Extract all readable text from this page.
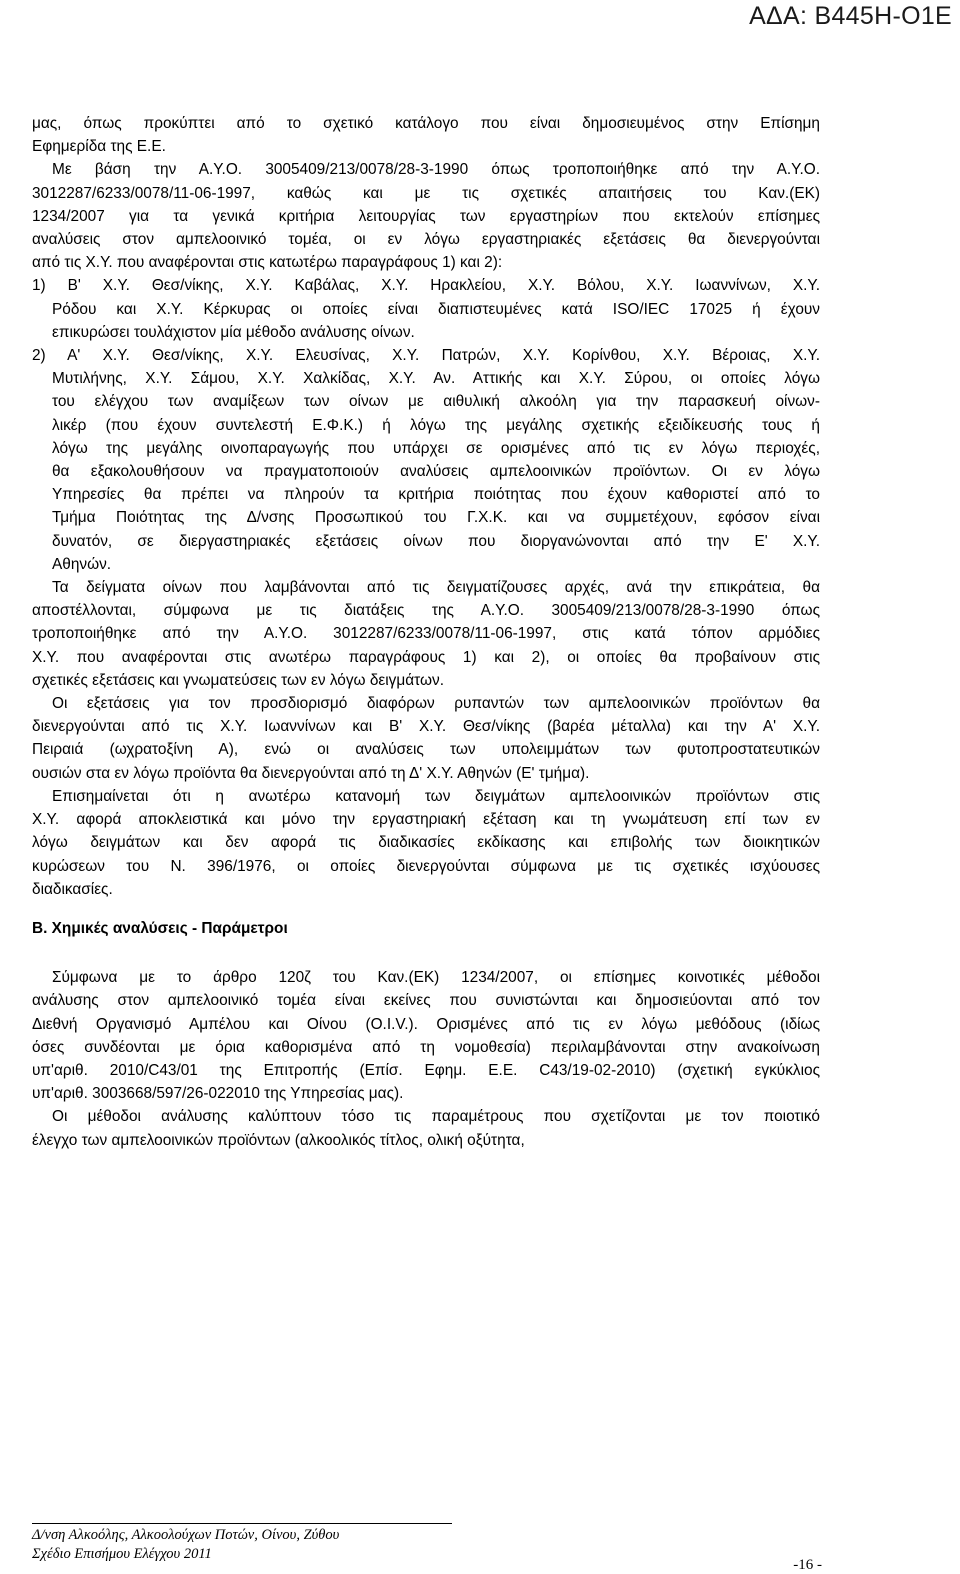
ΑΔΑ: Β445Η-Ο1Ε
μας, όπως προκύπτει από το σχετικό κατάλογο που είναι δημοσιευμένος στην Επίσημη
Εφημερίδα της Ε.Ε.
Με βάση την Α.Υ.Ο. 3005409/213/0078/28-3-1990 όπως τροποποιήθηκε από την Α.Υ.Ο.
3012287/6233/0078/11-06-1997, καθώς και με τις σχετικές απαιτήσεις του Καν.(ΕΚ)
1234/2007 για τα γενικά κριτήρια λειτουργίας των εργαστηρίων που εκτελούν επίσημες
αναλύσεις στον αμπελοοινικό τομέα, οι εν λόγω εργαστηριακές εξετάσεις θα διενεργούνται
από τις Χ.Υ. που αναφέρονται στις κατωτέρω παραγράφους 1) και 2):
1) Β' Χ.Υ. Θεσ/νίκης, Χ.Υ. Καβάλας, Χ.Υ. Ηρακλείου, Χ.Υ. Βόλου, Χ.Υ. Ιωαννίνων, Χ.Υ.
Ρόδου και Χ.Υ. Κέρκυρας οι οποίες είναι διαπιστευμένες κατά ISO/IEC 17025 ή έχουν
επικυρώσει τουλάχιστον μία μέθοδο ανάλυσης οίνων.
2) Α' Χ.Υ. Θεσ/νίκης, Χ.Υ. Ελευσίνας, Χ.Υ. Πατρών, Χ.Υ. Κορίνθου, Χ.Υ. Βέροιας, Χ.Υ.
Μυτιλήνης, Χ.Υ. Σάμου, Χ.Υ. Χαλκίδας, Χ.Υ. Αν. Αττικής και Χ.Υ. Σύρου, οι οποίες λόγω
του ελέγχου των αναμίξεων των οίνων με αιθυλική αλκοόλη για την παρασκευή οίνων-
λικέρ (που έχουν συντελεστή Ε.Φ.Κ.) ή λόγω της μεγάλης σχετικής εξειδίκευσής τους ή
λόγω της μεγάλης οινοπαραγωγής που υπάρχει σε ορισμένες από τις εν λόγω περιοχές,
θα εξακολουθήσουν να πραγματοποιούν αναλύσεις αμπελοοινικών προϊόντων. Οι εν λόγω
Υπηρεσίες θα πρέπει να πληρούν τα κριτήρια ποιότητας που έχουν καθοριστεί από το
Τμήμα Ποιότητας της Δ/νσης Προσωπικού του Γ.Χ.Κ. και να συμμετέχουν, εφόσον είναι
δυνατόν, σε διεργαστηριακές εξετάσεις οίνων που διοργανώνονται από την Ε' Χ.Υ.
Αθηνών.
Τα δείγματα οίνων που λαμβάνονται από τις δειγματίζουσες αρχές, ανά την επικράτεια, θα
αποστέλλονται, σύμφωνα με τις διατάξεις της Α.Υ.Ο. 3005409/213/0078/28-3-1990 όπως
τροποποιήθηκε από την Α.Υ.Ο. 3012287/6233/0078/11-06-1997, στις κατά τόπον αρμόδιες
Χ.Υ. που αναφέρονται στις ανωτέρω παραγράφους 1) και 2), οι οποίες θα προβαίνουν στις
σχετικές εξετάσεις και γνωματεύσεις των εν λόγω δειγμάτων.
Οι εξετάσεις για τον προσδιορισμό διαφόρων ρυπαντών των αμπελοοινικών προϊόντων θα
διενεργούνται από τις Χ.Υ. Ιωαννίνων και Β' Χ.Υ. Θεσ/νίκης (βαρέα μέταλλα) και την Α' Χ.Υ.
Πειραιά (ωχρατοξίνη Α), ενώ οι αναλύσεις των υπολειμμάτων των φυτοπροστατευτικών
ουσιών στα εν λόγω προϊόντα θα διενεργούνται από τη Δ' Χ.Υ. Αθηνών (Ε' τμήμα).
Επισημαίνεται ότι η ανωτέρω κατανομή των δειγμάτων αμπελοοινικών προϊόντων στις
Χ.Υ. αφορά αποκλειστικά και μόνο την εργαστηριακή εξέταση και τη γνωμάτευση επί των εν
λόγω δειγμάτων και δεν αφορά τις διαδικασίες εκδίκασης και επιβολής των διοικητικών
κυρώσεων του Ν. 396/1976, οι οποίες διενεργούνται σύμφωνα με τις σχετικές ισχύουσες
διαδικασίες.
Β. Χημικές αναλύσεις - Παράμετροι
Σύμφωνα με το άρθρο 120ζ του Καν.(ΕΚ) 1234/2007, οι επίσημες κοινοτικές μέθοδοι
ανάλυσης στον αμπελοοινικό τομέα είναι εκείνες που συνιστώνται και δημοσιεύονται από τον
Διεθνή Οργανισμό Αμπέλου και Οίνου (Ο.Ι.V.). Ορισμένες από τις εν λόγω μεθόδους (ιδίως
όσες συνδέονται με όρια καθορισμένα από τη νομοθεσία) περιλαμβάνονται στην ανακοίνωση
υπ'αριθ. 2010/C43/01 της Επιτροπής (Επίσ. Εφημ. Ε.Ε. C43/19-02-2010) (σχετική εγκύκλιος
υπ'αριθ. 3003668/597/26-022010 της Υπηρεσίας μας).
Οι μέθοδοι ανάλυσης καλύπτουν τόσο τις παραμέτρους που σχετίζονται με τον ποιοτικό
έλεγχο των αμπελοοινικών προϊόντων (αλκοολικός τίτλος, ολική οξύτητα,
Δ/νση Αλκοόλης, Αλκοολούχων Ποτών, Οίνου, Ζύθου
Σχέδιο Επισήμου Ελέγχου 2011
-16 -
